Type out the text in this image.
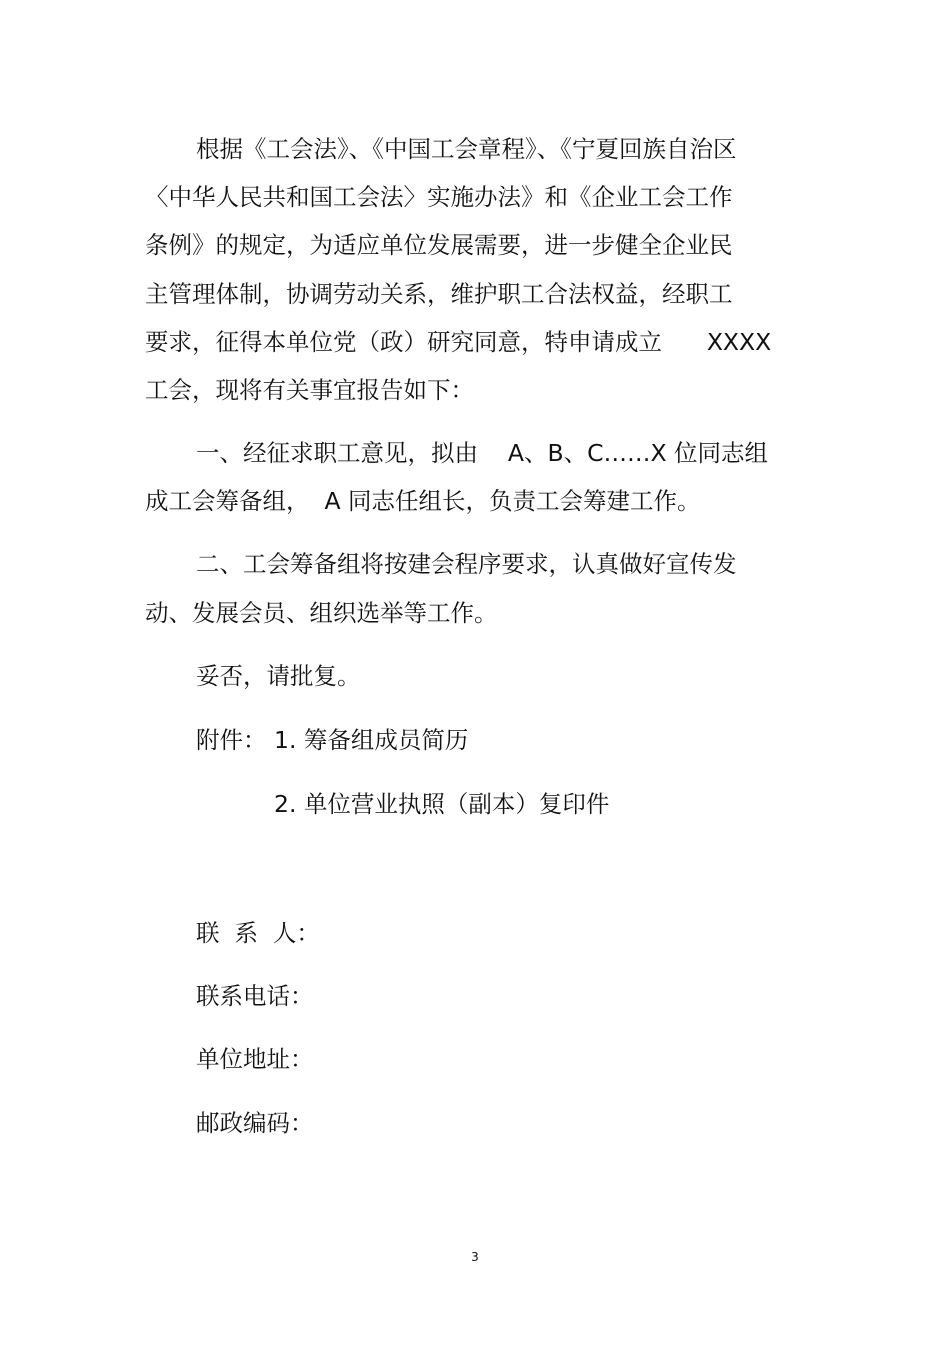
根据《工会法》、《中国工会章程》、《宁夏回族自治区
〈中华人民共和国工会法〉实施办法》和《企业工会工作
条例》的规定，为适应单位发展需要，进一步健全企业民
主管理体制，协调劳动关系，维护职工合法权益，经职工
要求，征得本单位党（政）研究同意，特申请成立      XXXX
工会，现将有关事宜报告如下：
一、经征求职工意见，拟由    A、B、C……X 位同志组
成工会筹备组，  A 同志任组长，负责工会筹建工作。
二、工会筹备组将按建会程序要求，认真做好宣传发
动、发展会员、组织选举等工作。
妥否，请批复。
附件： 1. 筹备组成员简历
2. 单位营业执照（副本）复印件
联  系  人：
联系电话：
单位地址：
邮政编码：
3
